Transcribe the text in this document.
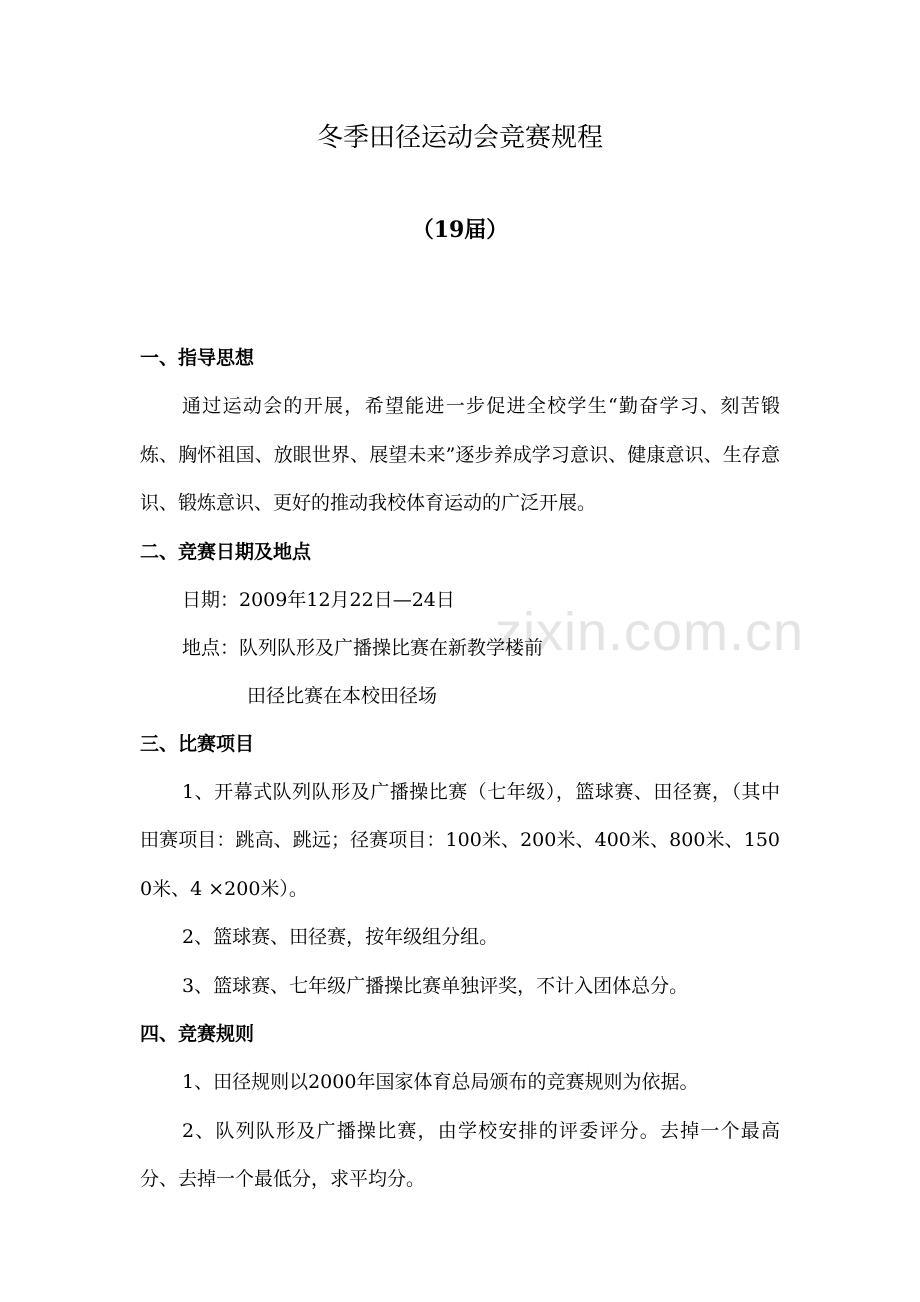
zixin.com.cn
冬季田径运动会竞赛规程
（19届）

一、指导思想

通过运动会的开展，希望能进一步促进全校学生“勤奋学习、刻苦锻炼、胸怀祖国、放眼世界、展望未来”逐步养成学习意识、健康意识、生存意识、锻炼意识、更好的推动我校体育运动的广泛开展。

二、竞赛日期及地点

日期：2009年12月22日—24日

地点：队列队形及广播操比赛在新教学楼前

田径比赛在本校田径场

三、比赛项目

1、开幕式队列队形及广播操比赛（七年级），篮球赛、田径赛，（其中田赛项目：跳高、跳远；径赛项目：100米、200米、400米、800米、1500米、4 ×200米）。

2、篮球赛、田径赛，按年级组分组。

3、篮球赛、七年级广播操比赛单独评奖，不计入团体总分。

四、竞赛规则

1、田径规则以2000年国家体育总局颁布的竞赛规则为依据。

2、队列队形及广播操比赛，由学校安排的评委评分。去掉一个最高分、去掉一个最低分，求平均分。
